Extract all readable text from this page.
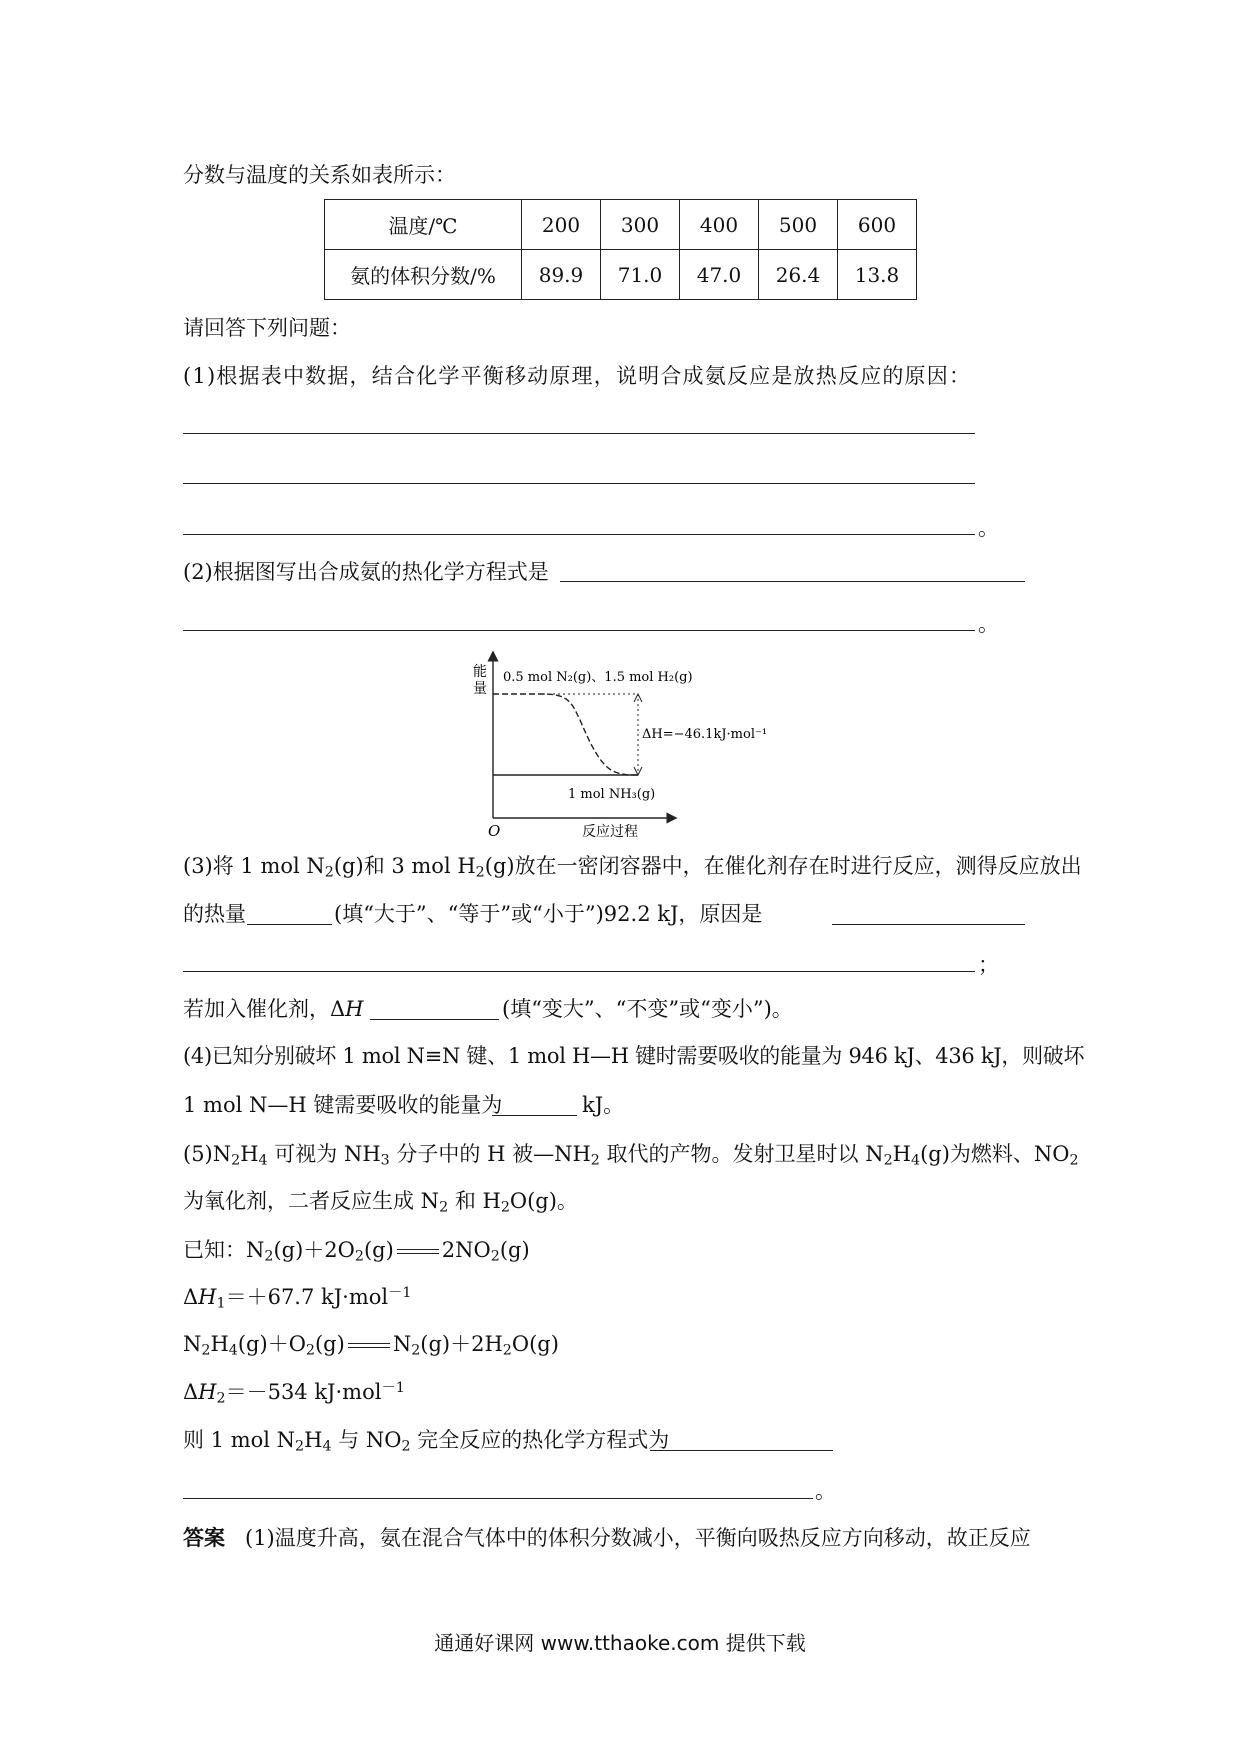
分数与温度的关系如表所示：
温度/℃	200	300	400	500	600
氨的体积分数/%	89.9	71.0	47.0	26.4	13.8
请回答下列问题：
(1)根据表中数据，结合化学平衡移动原理，说明合成氨反应是放热反应的原因：
。
(2)根据图写出合成氨的热化学方程式是
。
能
量
O	反应过程
0.5 mol N₂(g)、1.5 mol H₂(g)
ΔH=−46.1kJ·mol⁻¹
1 mol NH₃(g)
(3)将 1 mol $N_2(g)$和 3 mol $H_2(g)$放在一密闭容器中，在催化剂存在时进行反应，测得反应放出
的热量	(填“大于”、“等于”或“小于”)92.2 kJ，原因是
；
若加入催化剂，ΔH	(填“变大”、“不变”或“变小”)。
(4)已知分别破坏 1 mol N≡N 键、1 mol H—H 键时需要吸收的能量为 946 kJ、436 kJ，则破坏
1 mol N—H 键需要吸收的能量为	kJ。
$(5)N_2H_4$ 可视为 $NH_3$ 分子中的 H 被$—NH_2$ 取代的产物。发射卫星时以 $N_2H_4(g)$为燃料、$NO_2$
为氧化剂，二者反应生成 $N_2$ 和 $H_2O(g)$。
已知：$N_2(g)+2O_2(g)$ $2NO_2(g)$
$\Delta H_1=+67.7$ kJ·mol$^{-1}$
$N_2H_4(g)+O_2(g)$ $N_2(g)+2H_2O(g)$
$\Delta H_2=-534$ kJ·mol$^{-1}$
则 1 mol $N_2H_4$ 与 $NO_2$ 完全反应的热化学方程式为
。
答案 (1)温度升高，氨在混合气体中的体积分数减小，平衡向吸热反应方向移动，故正反应
通通好课网 www.tthaoke.com 提供下载
